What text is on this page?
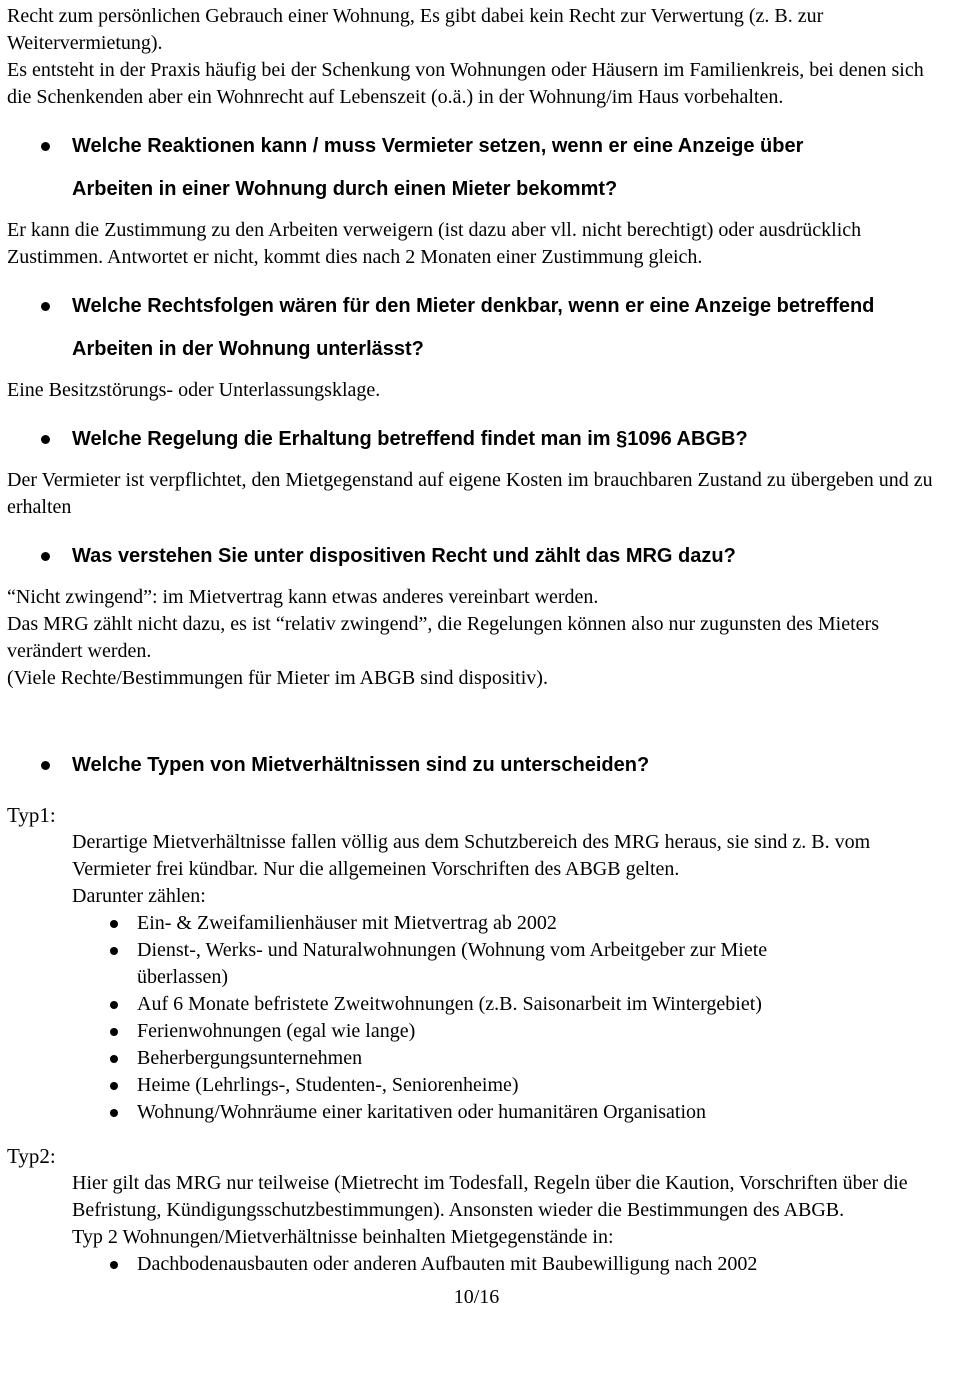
Recht zum persönlichen Gebrauch einer Wohnung, Es gibt dabei kein Recht zur Verwertung (z. B. zur Weitervermietung).

Es entsteht in der Praxis häufig bei der Schenkung von Wohnungen oder Häusern im Familienkreis, bei denen sich die Schenkenden aber ein Wohnrecht auf Lebenszeit (o.ä.) in der Wohnung/im Haus vorbehalten.

Welche Reaktionen kann / muss Vermieter setzen, wenn er eine Anzeige über Arbeiten in einer Wohnung durch einen Mieter bekommt?

Er kann die Zustimmung zu den Arbeiten verweigern (ist dazu aber vll. nicht berechtigt) oder ausdrücklich Zustimmen. Antwortet er nicht, kommt dies nach 2 Monaten einer Zustimmung gleich.

Welche Rechtsfolgen wären für den Mieter denkbar, wenn er eine Anzeige betreffend Arbeiten in der Wohnung unterlässt?

Eine Besitzstörungs- oder Unterlassungsklage.

Welche Regelung die Erhaltung betreffend findet man im §1096 ABGB?

Der Vermieter ist verpflichtet, den Mietgegenstand auf eigene Kosten im brauchbaren Zustand zu übergeben und zu erhalten

Was verstehen Sie unter dispositiven Recht und zählt das MRG dazu?

“Nicht zwingend”: im Mietvertrag kann etwas anderes vereinbart werden.

Das MRG zählt nicht dazu, es ist “relativ zwingend”, die Regelungen können also nur zugunsten des Mieters verändert werden.

(Viele Rechte/Bestimmungen für Mieter im ABGB sind dispositiv).

Welche Typen von Mietverhältnissen sind zu unterscheiden?

Typ1:

Derartige Mietverhältnisse fallen völlig aus dem Schutzbereich des MRG heraus, sie sind z. B. vom Vermieter frei kündbar. Nur die allgemeinen Vorschriften des ABGB gelten.

Darunter zählen:

Ein- & Zweifamilienhäuser mit Mietvertrag ab 2002
Dienst-, Werks- und Naturalwohnungen (Wohnung vom Arbeitgeber zur Miete überlassen)
Auf 6 Monate befristete Zweitwohnungen (z.B. Saisonarbeit im Wintergebiet)
Ferienwohnungen (egal wie lange)
Beherbergungsunternehmen
Heime (Lehrlings-, Studenten-, Seniorenheime)
Wohnung/Wohnräume einer karitativen oder humanitären Organisation

Typ2:

Hier gilt das MRG nur teilweise (Mietrecht im Todesfall, Regeln über die Kaution, Vorschriften über die Befristung, Kündigungsschutzbestimmungen). Ansonsten wieder die Bestimmungen des ABGB.

Typ 2 Wohnungen/Mietverhältnisse beinhalten Mietgegenstände in:

Dachbodenausbauten oder anderen Aufbauten mit Baubewilligung nach 2002
10/16
